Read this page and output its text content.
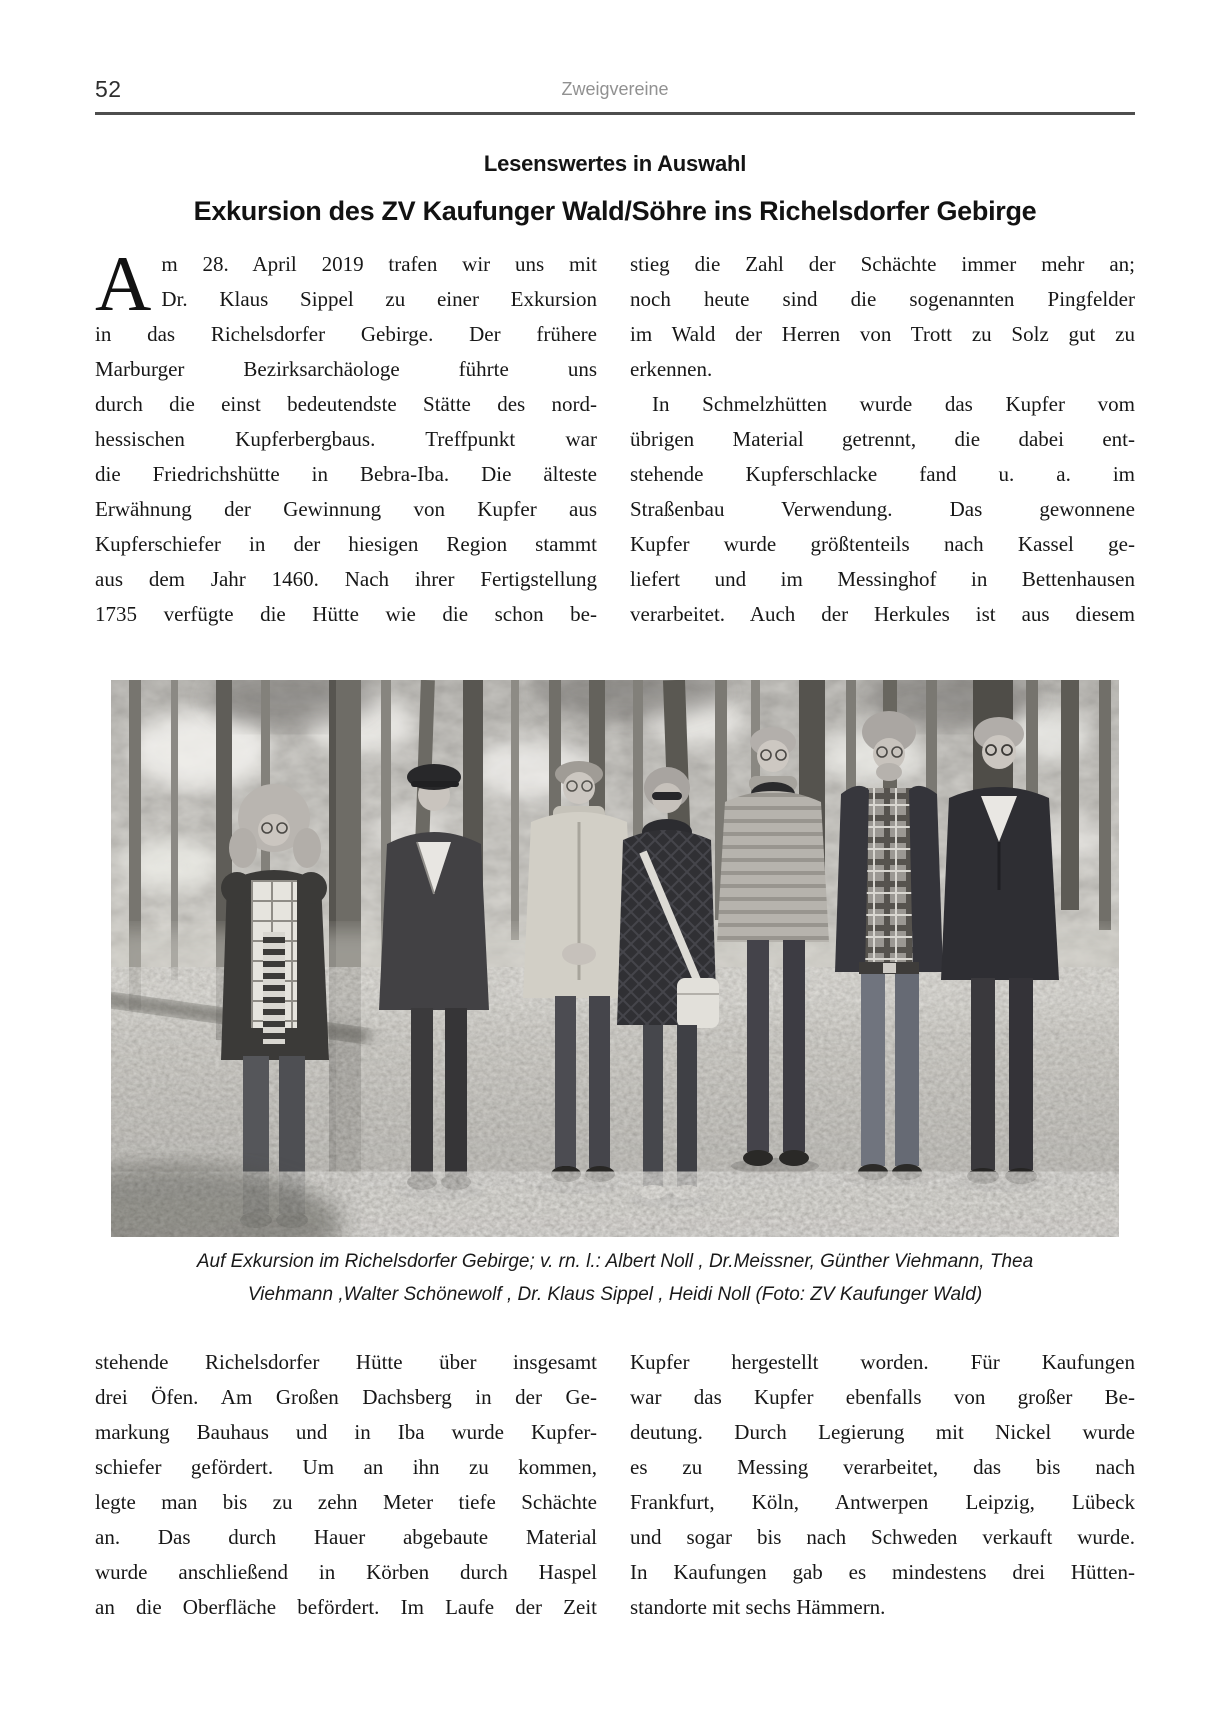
52	Zweigvereine
Lesenswertes in Auswahl
Exkursion des ZV Kaufunger Wald/Söhre ins Richelsdorfer Gebirge
A m 28. April 2019 trafen wir uns mit
Dr. Klaus Sippel zu einer Exkursion
in das Richelsdorfer Gebirge. Der frühere
Marburger Bezirksarchäologe führte uns
durch die einst bedeutendste Stätte des nord-
hessischen Kupferbergbaus. Treffpunkt war
die Friedrichshütte in Bebra-Iba. Die älteste
Erwähnung der Gewinnung von Kupfer aus
Kupferschiefer in der hiesigen Region stammt
aus dem Jahr 1460. Nach ihrer Fertigstellung
1735 verfügte die Hütte wie die schon be-
stieg die Zahl der Schächte immer mehr an;
noch heute sind die sogenannten Pingfelder
im Wald der Herren von Trott zu Solz gut zu
erkennen.
In Schmelzhütten wurde das Kupfer vom
übrigen Material getrennt, die dabei ent-
stehende Kupferschlacke fand u. a. im
Straßenbau Verwendung. Das gewonnene
Kupfer wurde größtenteils nach Kassel ge-
liefert und im Messinghof in Bettenhausen
verarbeitet. Auch der Herkules ist aus diesem
Auf Exkursion im Richelsdorfer Gebirge; v. rn. l.: Albert Noll , Dr.Meissner, Günther Viehmann, Thea
Viehmann ,Walter Schönewolf , Dr. Klaus Sippel , Heidi Noll (Foto: ZV Kaufunger Wald)
stehende Richelsdorfer Hütte über insgesamt
drei Öfen. Am Großen Dachsberg in der Ge-
markung Bauhaus und in Iba wurde Kupfer-
schiefer gefördert. Um an ihn zu kommen,
legte man bis zu zehn Meter tiefe Schächte
an. Das durch Hauer abgebaute Material
wurde anschließend in Körben durch Haspel
an die Oberfläche befördert. Im Laufe der Zeit
Kupfer hergestellt worden. Für Kaufungen
war das Kupfer ebenfalls von großer Be-
deutung. Durch Legierung mit Nickel wurde
es zu Messing verarbeitet, das bis nach
Frankfurt, Köln, Antwerpen Leipzig, Lübeck
und sogar bis nach Schweden verkauft wurde.
In Kaufungen gab es mindestens drei Hütten-
standorte mit sechs Hämmern.
